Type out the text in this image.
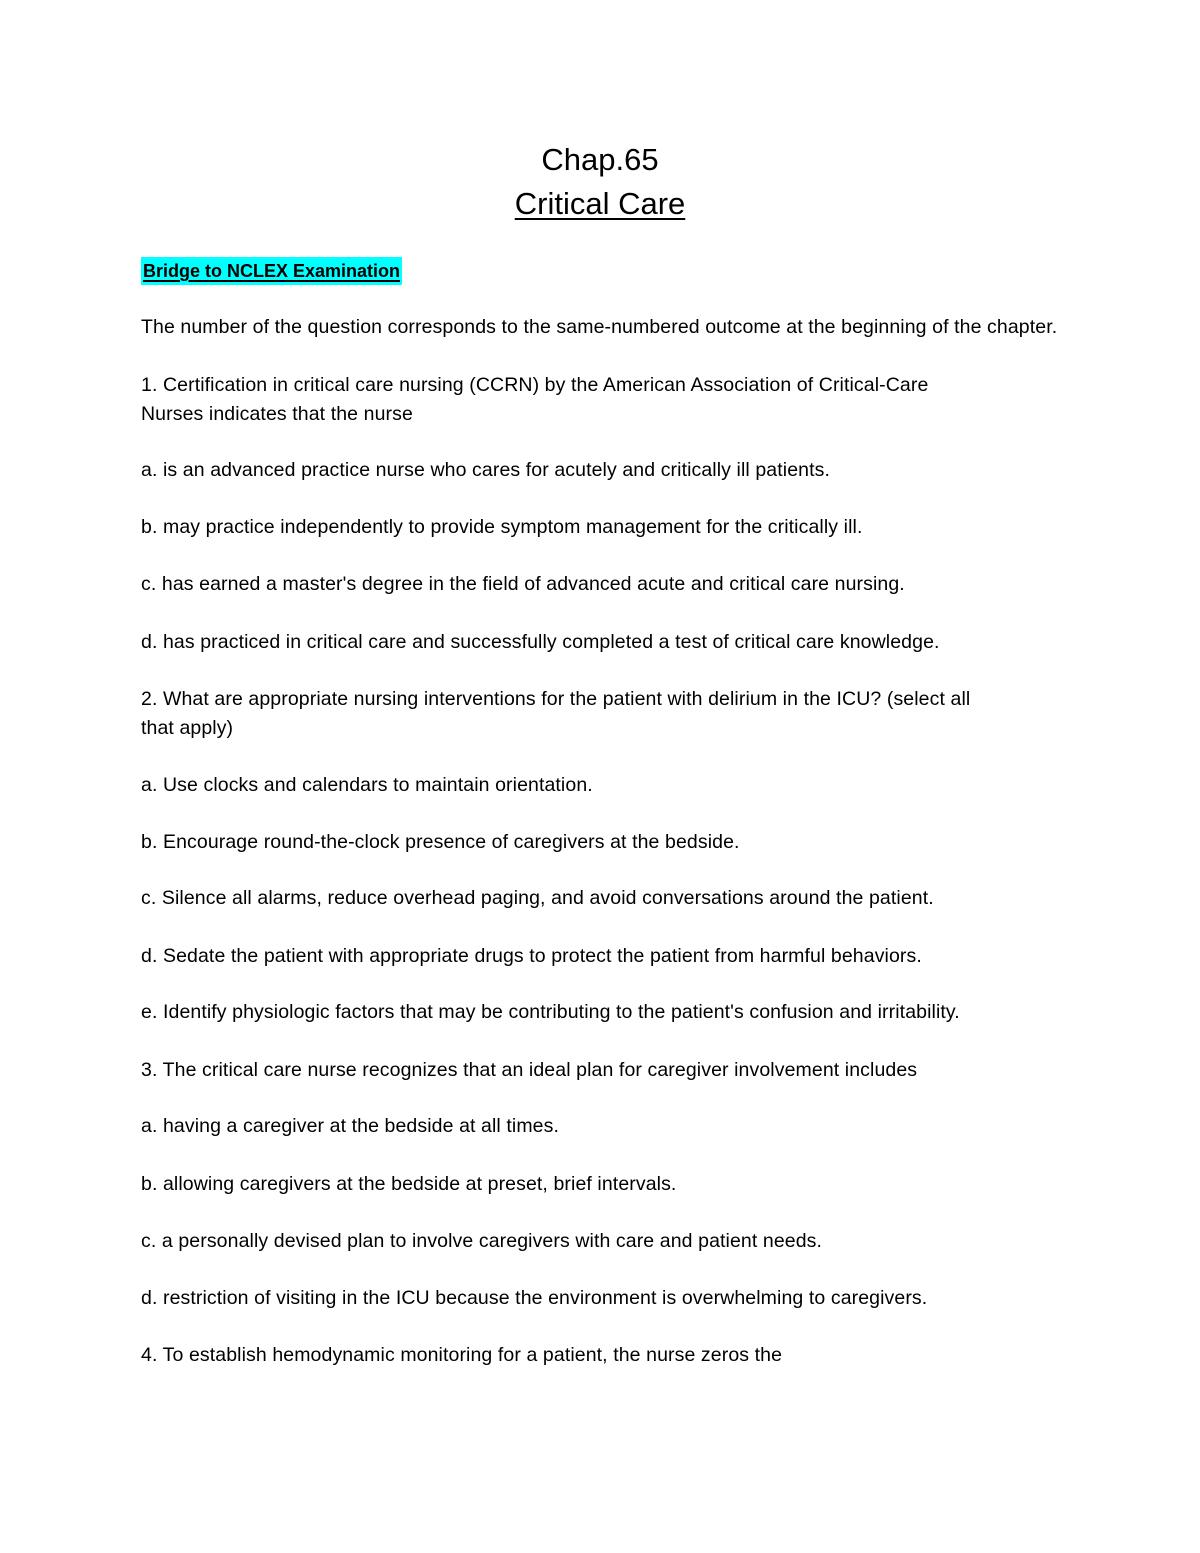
Chap.65
Critical Care
Bridge to NCLEX Examination
The number of the question corresponds to the same-numbered outcome at the beginning of the chapter.
1. Certification in critical care nursing (CCRN) by the American Association of Critical-Care
Nurses indicates that the nurse
a. is an advanced practice nurse who cares for acutely and critically ill patients.
b. may practice independently to provide symptom management for the critically ill.
c. has earned a master's degree in the field of advanced acute and critical care nursing.
d. has practiced in critical care and successfully completed a test of critical care knowledge.
2. What are appropriate nursing interventions for the patient with delirium in the ICU? (select all
that apply)
a. Use clocks and calendars to maintain orientation.
b. Encourage round-the-clock presence of caregivers at the bedside.
c. Silence all alarms, reduce overhead paging, and avoid conversations around the patient.
d. Sedate the patient with appropriate drugs to protect the patient from harmful behaviors.
e. Identify physiologic factors that may be contributing to the patient's confusion and irritability.
3. The critical care nurse recognizes that an ideal plan for caregiver involvement includes
a. having a caregiver at the bedside at all times.
b. allowing caregivers at the bedside at preset, brief intervals.
c. a personally devised plan to involve caregivers with care and patient needs.
d. restriction of visiting in the ICU because the environment is overwhelming to caregivers.
4. To establish hemodynamic monitoring for a patient, the nurse zeros the
